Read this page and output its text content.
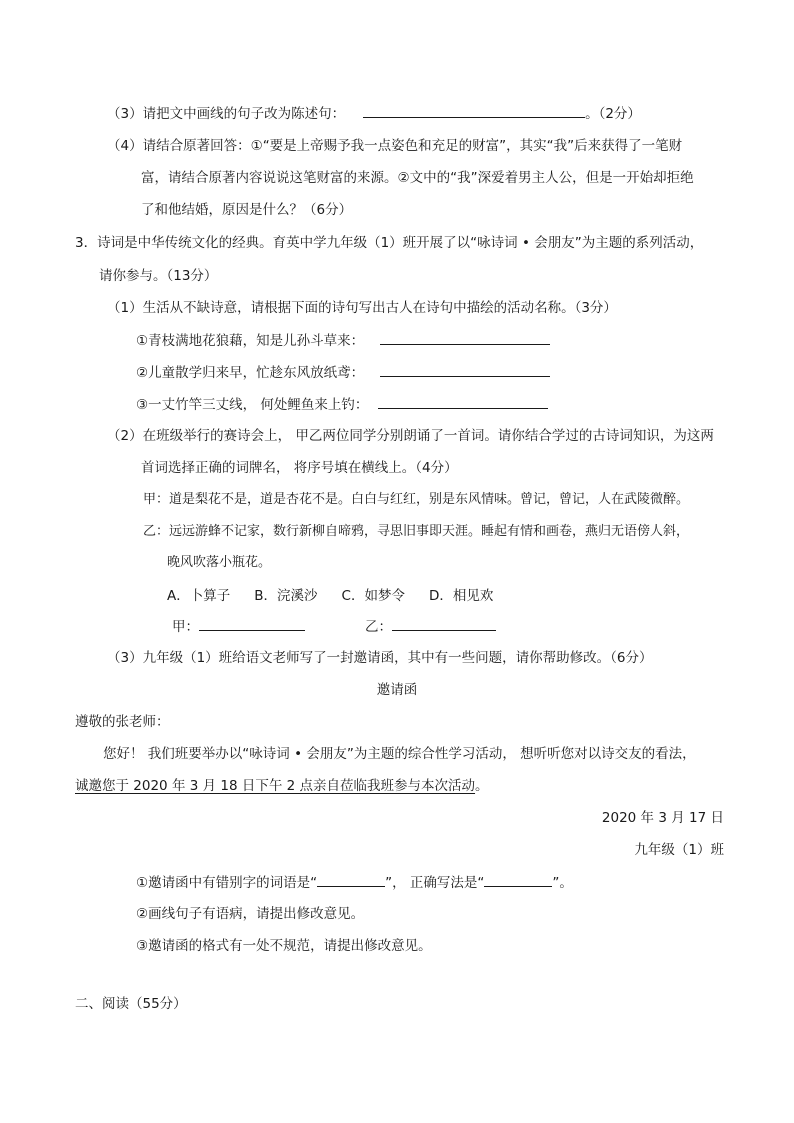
（3）请把文中画线的句子改为陈述句：	。（2分）
（4）请结合原著回答：①“要是上帝赐予我一点姿色和充足的财富”，其实“我”后来获得了一笔财
富，请结合原著内容说说这笔财富的来源。②文中的“我”深爱着男主人公，但是一开始却拒绝
了和他结婚，原因是什么？（6分）
3．诗词是中华传统文化的经典。育英中学九年级（1）班开展了以“咏诗词 • 会朋友”为主题的系列活动，
请你参与。（13分）
（1）生活从不缺诗意，请根据下面的诗句写出古人在诗句中描绘的活动名称。（3分）
①青枝满地花狼藉，知是儿孙斗草来：
②儿童散学归来早，忙趁东风放纸鸢：
③一丈竹竿三丈线， 何处鲤鱼来上钓：
（2）在班级举行的赛诗会上， 甲乙两位同学分别朗诵了一首词。请你结合学过的古诗词知识，为这两
首词选择正确的词牌名， 将序号填在横线上。（4分）
甲：道是梨花不是，道是杏花不是。白白与红红，别是东风情味。曾记，曾记，人在武陵微醉。
乙：远远游蜂不记家，数行新柳自啼鸦，寻思旧事即天涯。睡起有情和画卷，燕归无语傍人斜，
晚风吹落小瓶花。
A．卜算子 B．浣溪沙 C．如梦令 D．相见欢
甲：	乙：
（3）九年级（1）班给语文老师写了一封邀请函，其中有一些问题，请你帮助修改。（6分）
邀请函
遵敬的张老师：
您好！ 我们班要举办以“咏诗词 • 会朋友”为主题的综合性学习活动， 想听听您对以诗交友的看法，
诚邀您于 2020 年 3 月 18 日下午 2 点亲自莅临我班参与本次活动。
2020 年 3 月 17 日
九年级（1）班
①邀请函中有错别字的词语是“	”， 正确写法是“	”。
②画线句子有语病，请提出修改意见。
③邀请函的格式有一处不规范，请提出修改意见。
二、阅读（55分）
